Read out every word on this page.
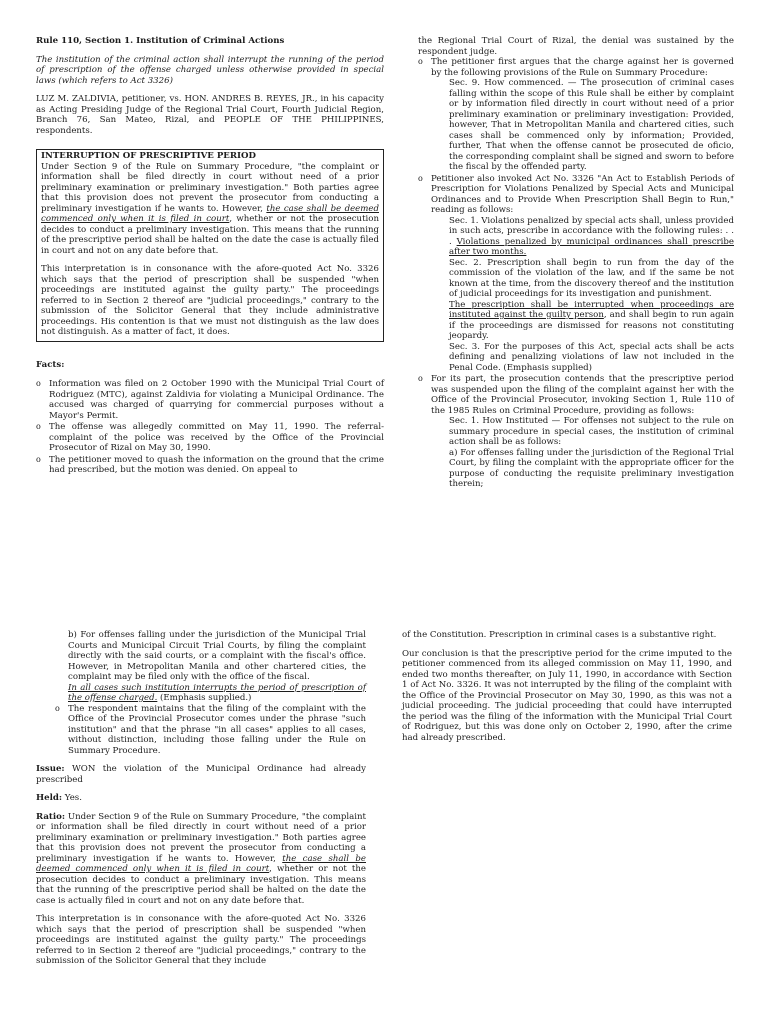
Rule 110, Section 1. Institution of Criminal Actions

The institution of the criminal action shall interrupt the running of the period of prescription of the offense charged unless otherwise provided in special laws (which refers to Act 3326)

LUZ M. ZALDIVIA, petitioner, vs. HON. ANDRES B. REYES, JR., in his capacity as Acting Presiding Judge of the Regional Trial Court, Fourth Judicial Region, Branch 76, San Mateo, Rizal, and PEOPLE OF THE PHILIPPINES, respondents.

INTERRUPTION OF PRESCRIPTIVE PERIOD

Under Section 9 of the Rule on Summary Procedure, "the complaint or information shall be filed directly in court without need of a prior preliminary examination or preliminary investigation." Both parties agree that this provision does not prevent the prosecutor from conducting a preliminary investigation if he wants to. However, the case shall be deemed commenced only when it is filed in court, whether or not the prosecution decides to conduct a preliminary investigation. This means that the running of the prescriptive period shall be halted on the date the case is actually filed in court and not on any date before that.

This interpretation is in consonance with the afore-quoted Act No. 3326 which says that the period of prescription shall be suspended "when proceedings are instituted against the guilty party." The proceedings referred to in Section 2 thereof are "judicial proceedings," contrary to the submission of the Solicitor General that they include administrative proceedings. His contention is that we must not distinguish as the law does not distinguish. As a matter of fact, it does.

Facts:

o Information was filed on 2 October 1990 with the Municipal Trial Court of Rodriguez (MTC), against Zaldivia for violating a Municipal Ordinance. The accused was charged of quarrying for commercial purposes without a Mayor's Permit.
o The offense was allegedly committed on May 11, 1990. The referral-complaint of the police was received by the Office of the Provincial Prosecutor of Rizal on May 30, 1990.
o The petitioner moved to quash the information on the ground that the crime had prescribed, but the motion was denied. On appeal to

the Regional Trial Court of Rizal, the denial was sustained by the respondent judge.

o The petitioner first argues that the charge against her is governed by the following provisions of the Rule on Summary Procedure:

Sec. 9. How commenced. — The prosecution of criminal cases falling within the scope of this Rule shall be either by complaint or by information filed directly in court without need of a prior preliminary examination or preliminary investigation: Provided, however, That in Metropolitan Manila and chartered cities, such cases shall be commenced only by information; Provided, further, That when the offense cannot be prosecuted de oficio, the corresponding complaint shall be signed and sworn to before the fiscal by the offended party.

o Petitioner also invoked Act No. 3326 "An Act to Establish Periods of Prescription for Violations Penalized by Special Acts and Municipal Ordinances and to Provide When Prescription Shall Begin to Run," reading as follows:

Sec. 1. Violations penalized by special acts shall, unless provided in such acts, prescribe in accordance with the following rules: . . . Violations penalized by municipal ordinances shall prescribe after two months.

Sec. 2. Prescription shall begin to run from the day of the commission of the violation of the law, and if the same be not known at the time, from the discovery thereof and the institution of judicial proceedings for its investigation and punishment.

The prescription shall be interrupted when proceedings are instituted against the guilty person, and shall begin to run again if the proceedings are dismissed for reasons not constituting jeopardy.

Sec. 3. For the purposes of this Act, special acts shall be acts defining and penalizing violations of law not included in the Penal Code. (Emphasis supplied)

o For its part, the prosecution contends that the prescriptive period was suspended upon the filing of the complaint against her with the Office of the Provincial Prosecutor, invoking Section 1, Rule 110 of the 1985 Rules on Criminal Procedure, providing as follows:

Sec. 1. How Instituted — For offenses not subject to the rule on summary procedure in special cases, the institution of criminal action shall be as follows:

a) For offenses falling under the jurisdiction of the Regional Trial Court, by filing the complaint with the appropriate officer for the purpose of conducting the requisite preliminary investigation therein;

b) For offenses falling under the jurisdiction of the Municipal Trial Courts and Municipal Circuit Trial Courts, by filing the complaint directly with the said courts, or a complaint with the fiscal's office. However, in Metropolitan Manila and other chartered cities, the complaint may be filed only with the office of the fiscal.

In all cases such institution interrupts the period of prescription of the offense charged. (Emphasis supplied.)

o The respondent maintains that the filing of the complaint with the Office of the Provincial Prosecutor comes under the phrase "such institution" and that the phrase "in all cases" applies to all cases, without distinction, including those falling under the Rule on Summary Procedure.

Issue: WON the violation of the Municipal Ordinance had already prescribed

Held: Yes.

Ratio: Under Section 9 of the Rule on Summary Procedure, "the complaint or information shall be filed directly in court without need of a prior preliminary examination or preliminary investigation." Both parties agree that this provision does not prevent the prosecutor from conducting a preliminary investigation if he wants to. However, the case shall be deemed commenced only when it is filed in court, whether or not the prosecution decides to conduct a preliminary investigation. This means that the running of the prescriptive period shall be halted on the date the case is actually filed in court and not on any date before that.

This interpretation is in consonance with the afore-quoted Act No. 3326 which says that the period of prescription shall be suspended "when proceedings are instituted against the guilty party." The proceedings referred to in Section 2 thereof are "judicial proceedings," contrary to the submission of the Solicitor General that they include

of the Constitution. Prescription in criminal cases is a substantive right.

Our conclusion is that the prescriptive period for the crime imputed to the petitioner commenced from its alleged commission on May 11, 1990, and ended two months thereafter, on July 11, 1990, in accordance with Section 1 of Act No. 3326. It was not interrupted by the filing of the complaint with the Office of the Provincial Prosecutor on May 30, 1990, as this was not a judicial proceeding. The judicial proceeding that could have interrupted the period was the filing of the information with the Municipal Trial Court of Rodriguez, but this was done only on October 2, 1990, after the crime had already prescribed.
